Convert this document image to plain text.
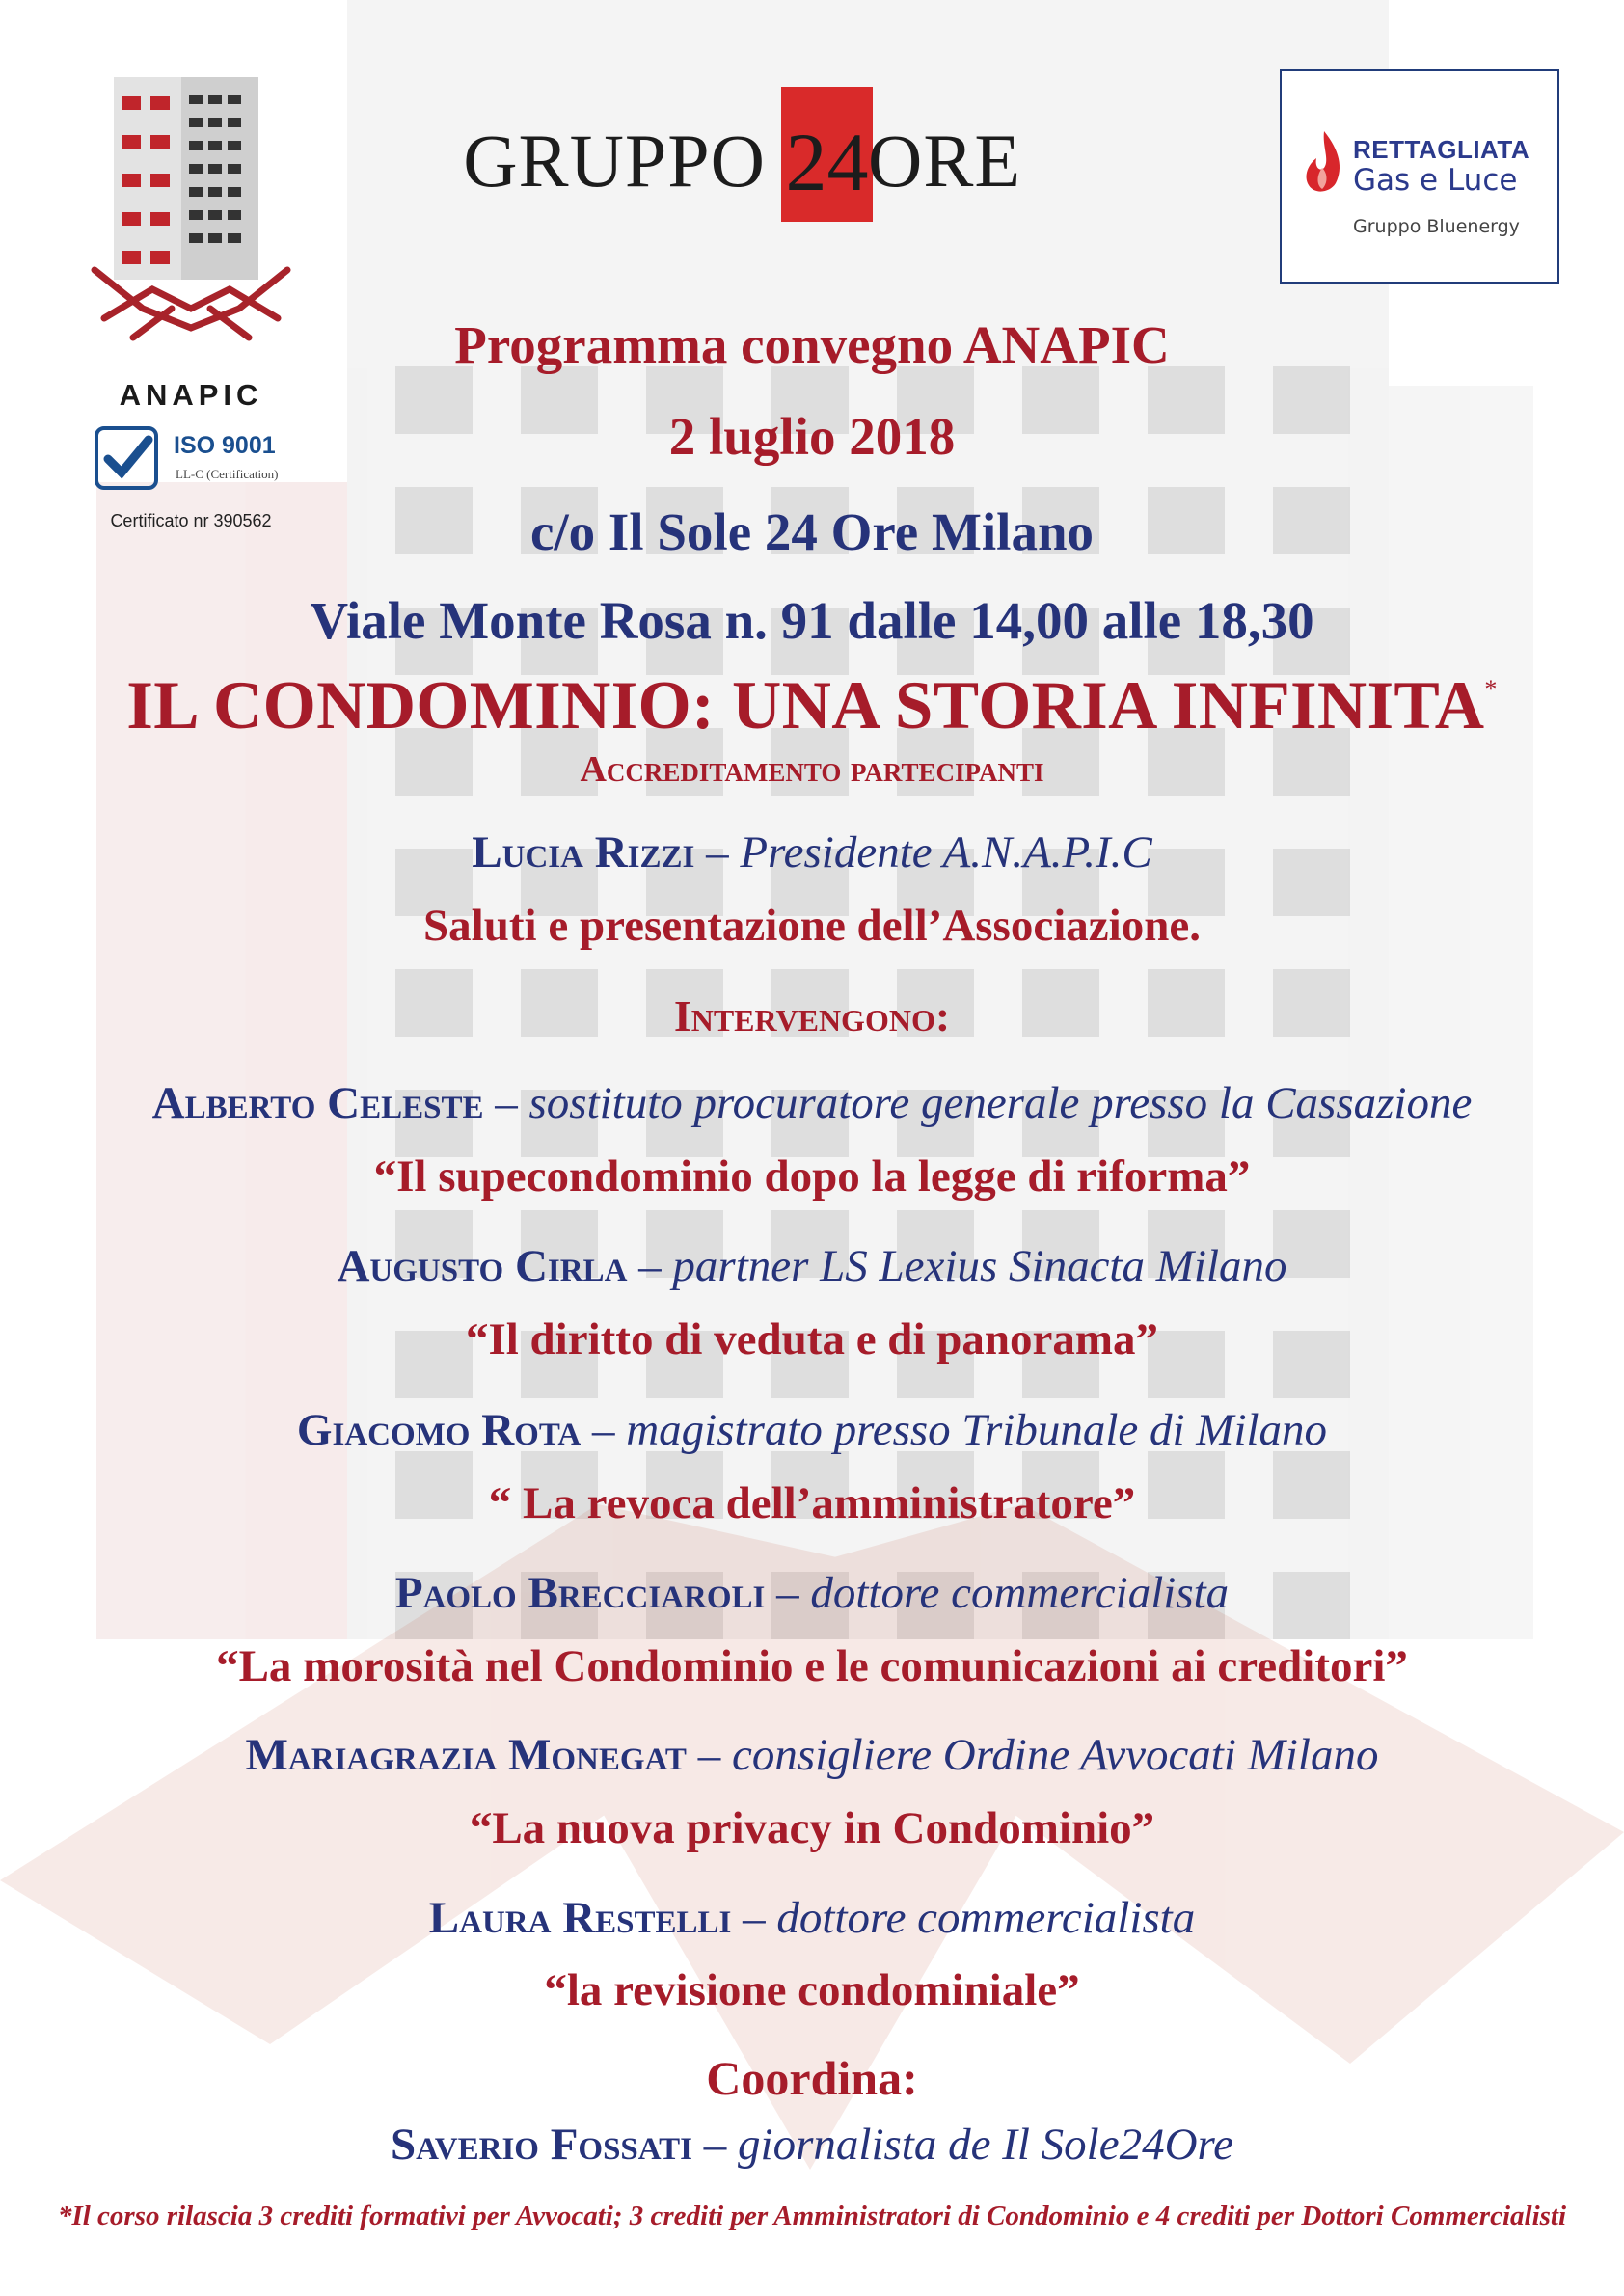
ANAPIC
ISO 9001
LL-C (Certification)
Certificato nr 390562
GRUPPO 24 ORE	RETTAGLIATA
Gas e Luce
Gruppo Bluenergy
Programma convegno ANAPIC
2 luglio 2018
c/o Il Sole 24 Ore Milano
Viale Monte Rosa n. 91 dalle 14,00 alle 18,30
IL CONDOMINIO: UNA STORIA INFINITA*
Accreditamento partecipanti
Lucia Rizzi – Presidente A.N.A.P.I.C
Saluti e presentazione dell’Associazione.
Intervengono:
Alberto Celeste – sostituto procuratore generale presso la Cassazione
“Il supecondominio dopo la legge di riforma”
Augusto Cirla – partner LS Lexius Sinacta Milano
“Il diritto di veduta e di panorama”
Giacomo Rota – magistrato presso Tribunale di Milano
“ La revoca dell’amministratore”
Paolo Brecciaroli – dottore commercialista
“La morosità nel Condominio e le comunicazioni ai creditori”
Mariagrazia Monegat – consigliere Ordine Avvocati Milano
“La nuova privacy in Condominio”
Laura Restelli – dottore commercialista
“la revisione condominiale”
Coordina:
Saverio Fossati – giornalista de Il Sole24Ore
*Il corso rilascia 3 crediti formativi per Avvocati; 3 crediti per Amministratori di Condominio e 4 crediti per Dottori Commercialisti
